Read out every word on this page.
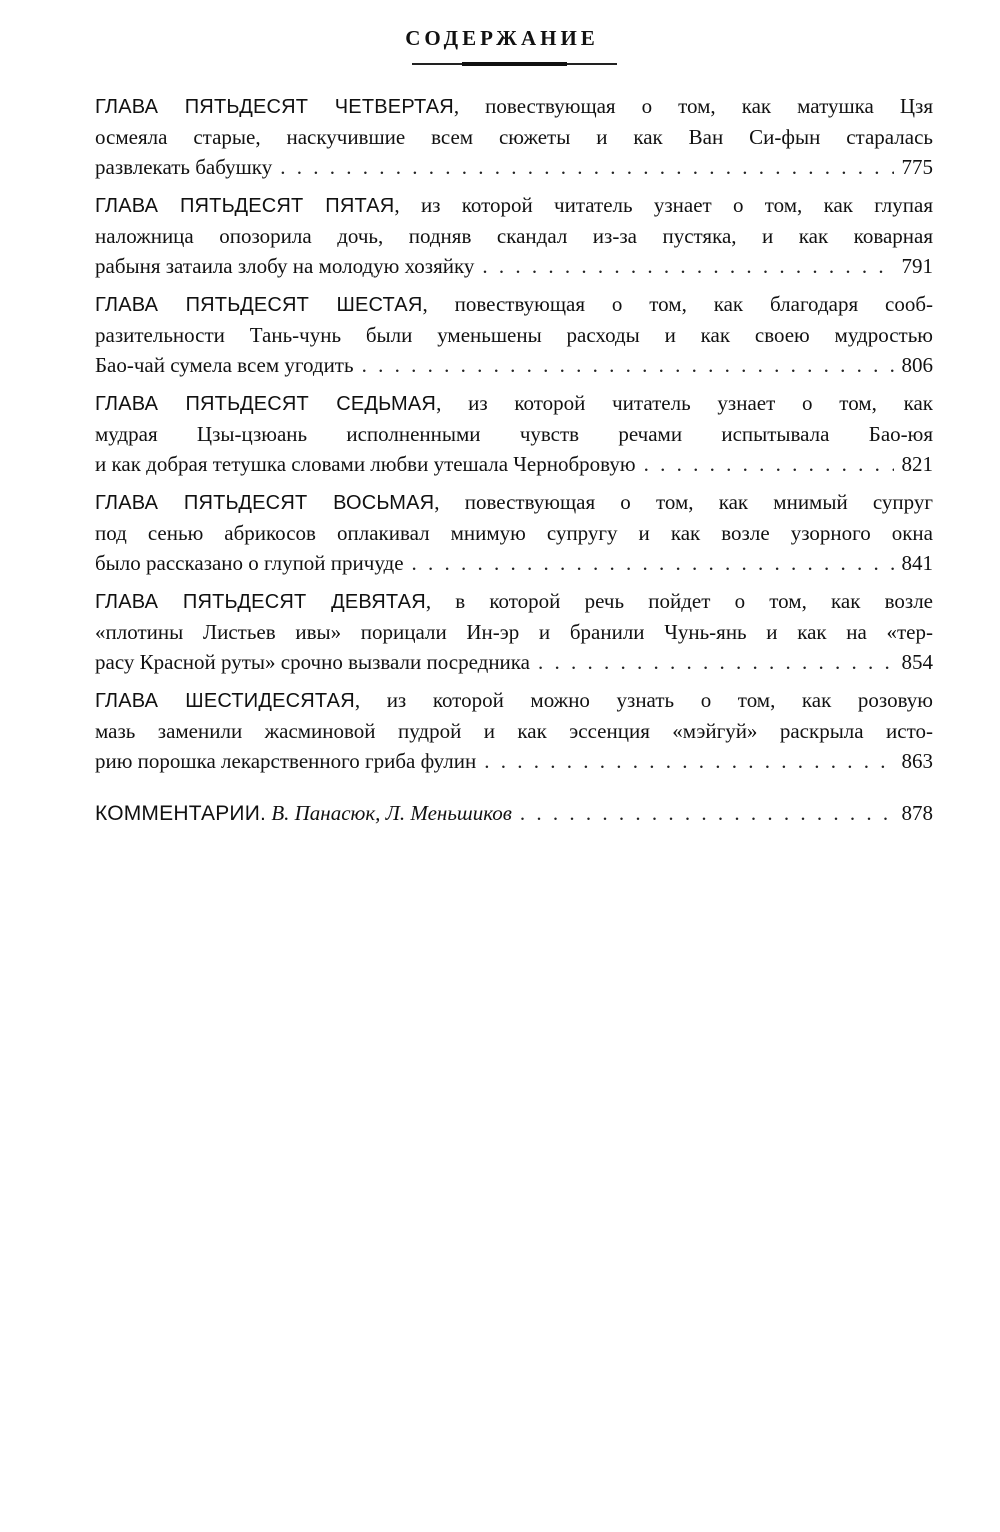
СОДЕРЖАНИЕ
ГЛАВА ПЯТЬДЕСЯТ ЧЕТВЕРТАЯ, повествующая о том, как матушка Цзя
осмеяла старые, наскучившие всем сюжеты и как Ван Си-фын старалась
развлекать бабушку . . .	775
ГЛАВА ПЯТЬДЕСЯТ ПЯТАЯ, из которой читатель узнает о том, как глупая
наложница опозорила дочь, подняв скандал из-за пустяка, и как коварная
рабыня затаила злобу на молодую хозяйку . . .	791
ГЛАВА ПЯТЬДЕСЯТ ШЕСТАЯ, повествующая о том, как благодаря сооб-
разительности Тань-чунь были уменьшены расходы и как своею мудростью
Бао-чай сумела всем угодить . . .	806
ГЛАВА ПЯТЬДЕСЯТ СЕДЬМАЯ, из которой читатель узнает о том, как
мудрая Цзы-цзюань исполненными чувств речами испытывала Бао-юя
и как добрая тетушка словами любви утешала Чернобровую . . .	821
ГЛАВА ПЯТЬДЕСЯТ ВОСЬМАЯ, повествующая о том, как мнимый супруг
под сенью абрикосов оплакивал мнимую супругу и как возле узорного окна
было рассказано о глупой причуде . . .	841
ГЛАВА ПЯТЬДЕСЯТ ДЕВЯТАЯ, в которой речь пойдет о том, как возле
«плотины Листьев ивы» порицали Ин-эр и бранили Чунь-янь и как на «тер-
расу Красной руты» срочно вызвали посредника . . .	854
ГЛАВА ШЕСТИДЕСЯТАЯ, из которой можно узнать о том, как розовую
мазь заменили жасминовой пудрой и как эссенция «мэйгуй» раскрыла исто-
рию порошка лекарственного гриба фулин . . .	863
КОММЕНТАРИИ.
В. Панасюк, Л. Меньшиков . . .	878
